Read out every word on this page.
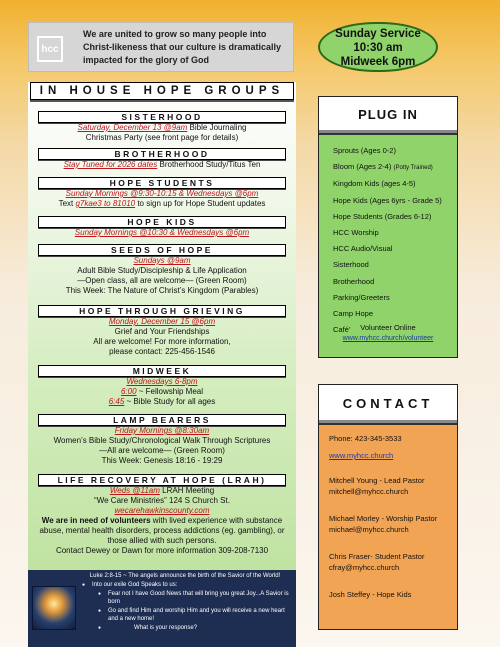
hcc
We are united to grow so many people into Christ-likeness that our culture is dramatically impacted for the glory of God
Sunday Service
10:30 am
Midweek 6pm
IN HOUSE HOPE GROUPS
SISTERHOOD
Saturday, December 13 @9am Bible Journaling
Christmas Party (see front page for details)
BROTHERHOOD
Stay Tuned for 2026 dates Brotherhood Study/Titus Ten
HOPE STUDENTS
Sunday Mornings @9:30-10:15 & Wednesdays @6pm
Text g7kae3 to 81010 to sign up for Hope Student updates
HOPE KIDS
Sunday Mornings @10:30 & Wednesdays @6pm
SEEDS OF HOPE
Sundays @9am
Adult Bible Study/Discipleship & Life Application
—Open class, all are welcome— (Green Room)
This Week: The Nature of Christ’s Kingdom (Parables)
HOPE THROUGH GRIEVING
Monday, December 15 @6pm
Grief and Your Friendships
All are welcome! For more information,
please contact: 225-456-1546
MIDWEEK
Wednesdays 6-8pm
6:00 ~ Fellowship Meal
6:45 ~ Bible Study for all ages
LAMP BEARERS
Friday Mornings @8:30am
Women’s Bible Study/Chronological Walk Through Scriptures
—All are welcome— (Green Room)
This Week: Genesis 18:16 - 19:29
LIFE RECOVERY AT HOPE (LRAH)
Weds @11am LRAH Meeting
“We Care Ministries” 124 S Church St.
wecarehawkinscounty.com
We are in need of volunteers with lived experience with substance abuse, mental health disorders, process addictions (eg. gambling), or those allied with such persons.
Contact Dewey or Dawn for more information 309-208-7130
Luke 2:8-15 ~ The angels announce the birth of the Savior of the World!
● Into our exile God Speaks to us:
● Fear not I have Good News that will bring you great Joy...A Savior is born
● Go and find Him and worship Him and you will receive a new heart and a new home!
● What is your response?
PLUG IN
Sprouts (Ages 0-2)
Bloom (Ages 2-4) (Potty Trained)
Kingdom Kids (ages 4-5)
Hope Kids (Ages 6yrs - Grade 5)
Hope Students (Grades 6-12)
HCC Worship
HCC Audio/Visual
Sisterhood
Brotherhood
Parking/Greeters
Camp Hope
Café’	Volunteer Online
www.myhcc.church/volunteer
CONTACT
Phone: 423-345-3533
www.myhcc.church
Mitchell Young - Lead Pastor
mitchell@myhcc.church
Michael Morley - Worship Pastor
michael@myhcc.church
Chris Fraser- Student Pastor
cfray@myhcc.church
Josh Steffey - Hope Kids
